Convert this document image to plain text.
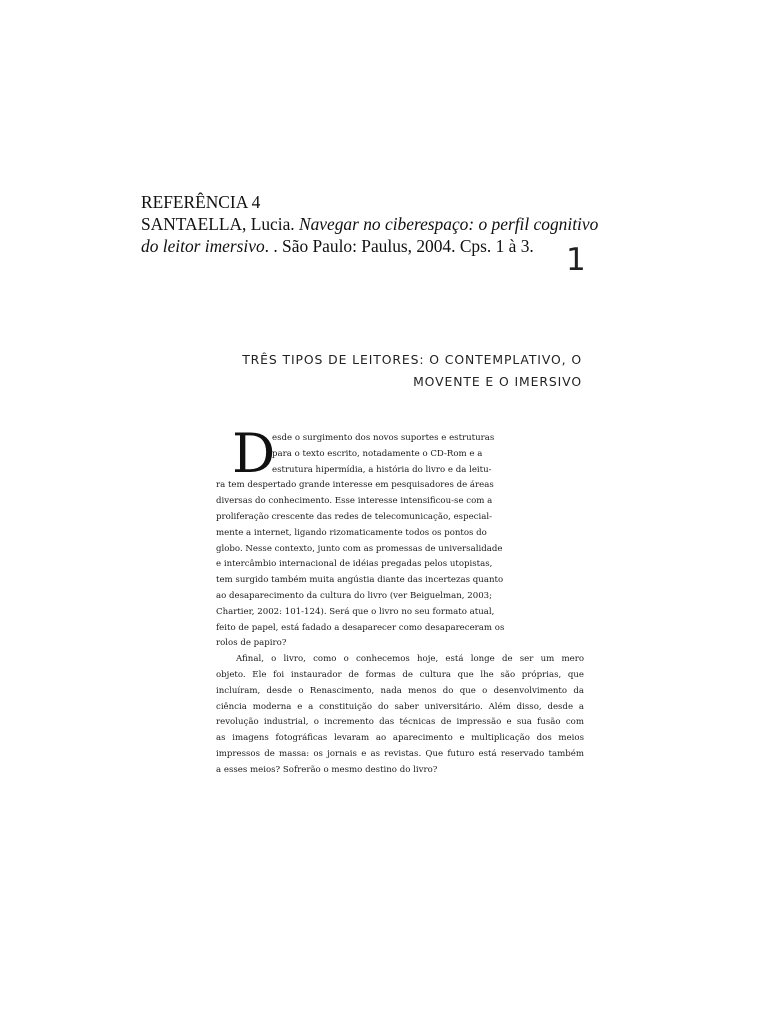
REFERÊNCIA 4
SANTAELLA, Lucia. Navegar no ciberespaço: o perfil cognitivo
do leitor imersivo. . São Paulo: Paulus, 2004. Cps. 1 à 3.	1
TRÊS TIPOS DE LEITORES: O CONTEMPLATIVO, O
MOVENTE E O IMERSIVO
D
esde o surgimento dos novos suportes e estruturas
para o texto escrito, notadamente o CD-Rom e a
estrutura hipermídia, a história do livro e da leitu-
ra tem despertado grande interesse em pesquisadores de áreas
diversas do conhecimento. Esse interesse intensificou-se com a
proliferação crescente das redes de telecomunicação, especial-
mente a internet, ligando rizomaticamente todos os pontos do
globo. Nesse contexto, junto com as promessas de universalidade
e intercâmbio internacional de idéias pregadas pelos utopistas,
tem surgido também muita angústia diante das incertezas quanto
ao desaparecimento da cultura do livro (ver Beiguelman, 2003;
Chartier, 2002: 101-124). Será que o livro no seu formato atual,
feito de papel, está fadado a desaparecer como desapareceram os
rolos de papiro?
Afinal, o livro, como o conhecemos hoje, está longe de ser um mero
objeto. Ele foi instaurador de formas de cultura que lhe são próprias, que
incluíram, desde o Renascimento, nada menos do que o desenvolvimento da
ciência moderna e a constituição do saber universitário. Além disso, desde a
revolução industrial, o incremento das técnicas de impressão e sua fusão com
as imagens fotográficas levaram ao aparecimento e multiplicação dos meios
impressos de massa: os jornais e as revistas. Que futuro está reservado também
a esses meios? Sofrerão o mesmo destino do livro?
